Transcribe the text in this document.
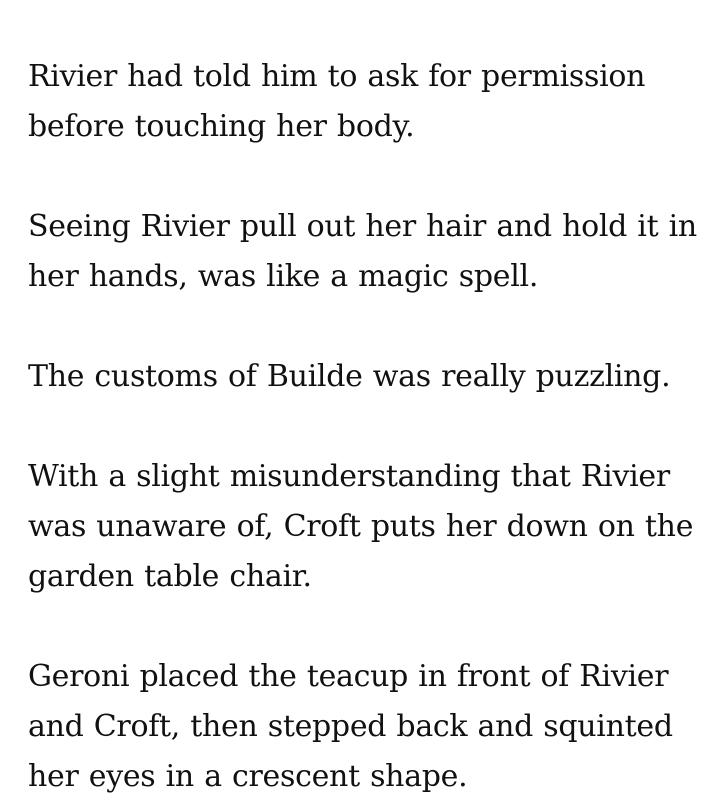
Rivier had told him to ask for permission
before touching her body.

Seeing Rivier pull out her hair and hold it in
her hands, was like a magic spell.

The customs of Builde was really puzzling.

With a slight misunderstanding that Rivier
was unaware of, Croft puts her down on the
garden table chair.

Geroni placed the teacup in front of Rivier
and Croft, then stepped back and squinted
her eyes in a crescent shape.
